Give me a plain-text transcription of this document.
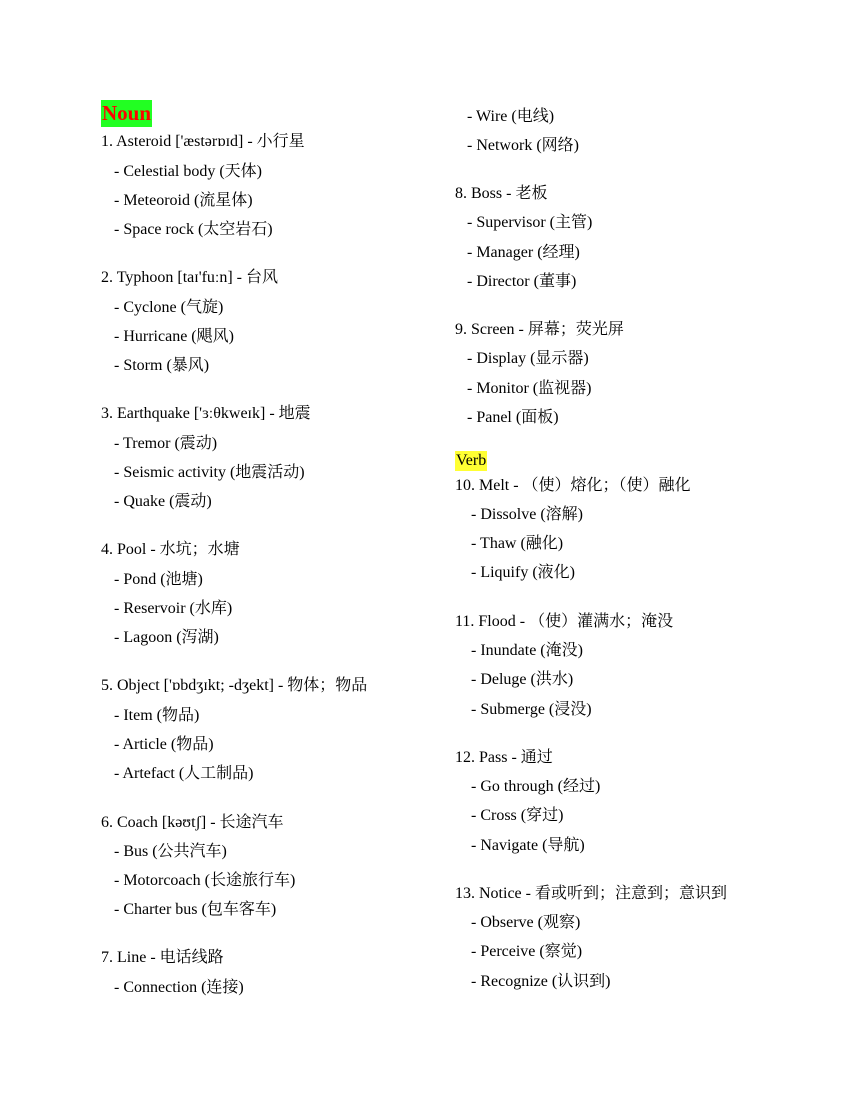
Noun
1. Asteroid ['æstərɒɪd] - 小行星
- Celestial body (天体)
- Meteoroid (流星体)
- Space rock (太空岩石)
2. Typhoon [taɪ'fuːn] - 台风
- Cyclone (气旋)
- Hurricane (飓风)
- Storm (暴风)
3. Earthquake ['ɜːθkweɪk] - 地震
- Tremor (震动)
- Seismic activity (地震活动)
- Quake (震动)
4. Pool - 水坑；水塘
- Pond (池塘)
- Reservoir (水库)
- Lagoon (泻湖)
5. Object ['ɒbdʒɪkt; -dʒekt] - 物体；物品
- Item (物品)
- Article (物品)
- Artefact (人工制品)
6. Coach [kəʊtʃ] - 长途汽车
- Bus (公共汽车)
- Motorcoach (长途旅行车)
- Charter bus (包车客车)
7. Line - 电话线路
- Connection (连接)
- Wire (电线)
- Network (网络)
8. Boss - 老板
- Supervisor (主管)
- Manager (经理)
- Director (董事)
9. Screen - 屏幕；荧光屏
- Display (显示器)
- Monitor (监视器)
- Panel (面板)
Verb
10. Melt - （使）熔化；（使）融化
- Dissolve (溶解)
- Thaw (融化)
- Liquify (液化)
11. Flood - （使）灌满水；淹没
- Inundate (淹没)
- Deluge (洪水)
- Submerge (浸没)
12. Pass - 通过
- Go through (经过)
- Cross (穿过)
- Navigate (导航)
13. Notice - 看或听到；注意到；意识到
- Observe (观察)
- Perceive (察觉)
- Recognize (认识到)
